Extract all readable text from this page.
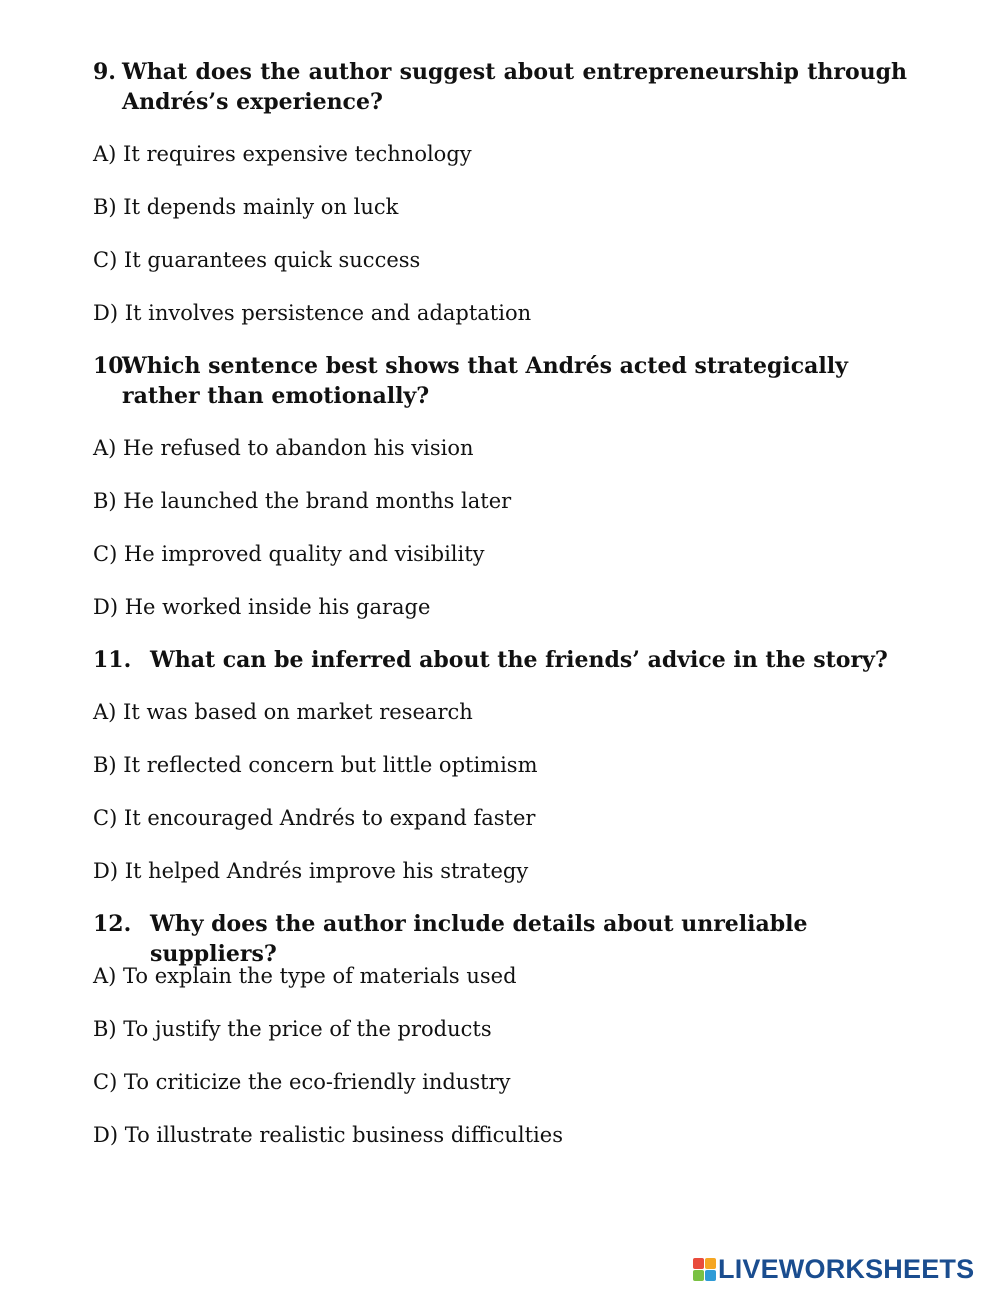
9. What does the author suggest about entrepreneurship through Andrés’s experience?
A) It requires expensive technology
B) It depends mainly on luck
C) It guarantees quick success
D) It involves persistence and adaptation
10.
Which sentence best shows that Andrés acted strategically rather than emotionally?
A) He refused to abandon his vision
B) He launched the brand months later
C) He improved quality and visibility
D) He worked inside his garage
11. What can be inferred about the friends’ advice in the story?
A) It was based on market research
B) It reflected concern but little optimism
C) It encouraged Andrés to expand faster
D) It helped Andrés improve his strategy
12. Why does the author include details about unreliable suppliers?
A) To explain the type of materials used
B) To justify the price of the products
C) To criticize the eco-friendly industry
D) To illustrate realistic business difficulties
LIVEWORKSHEETS
